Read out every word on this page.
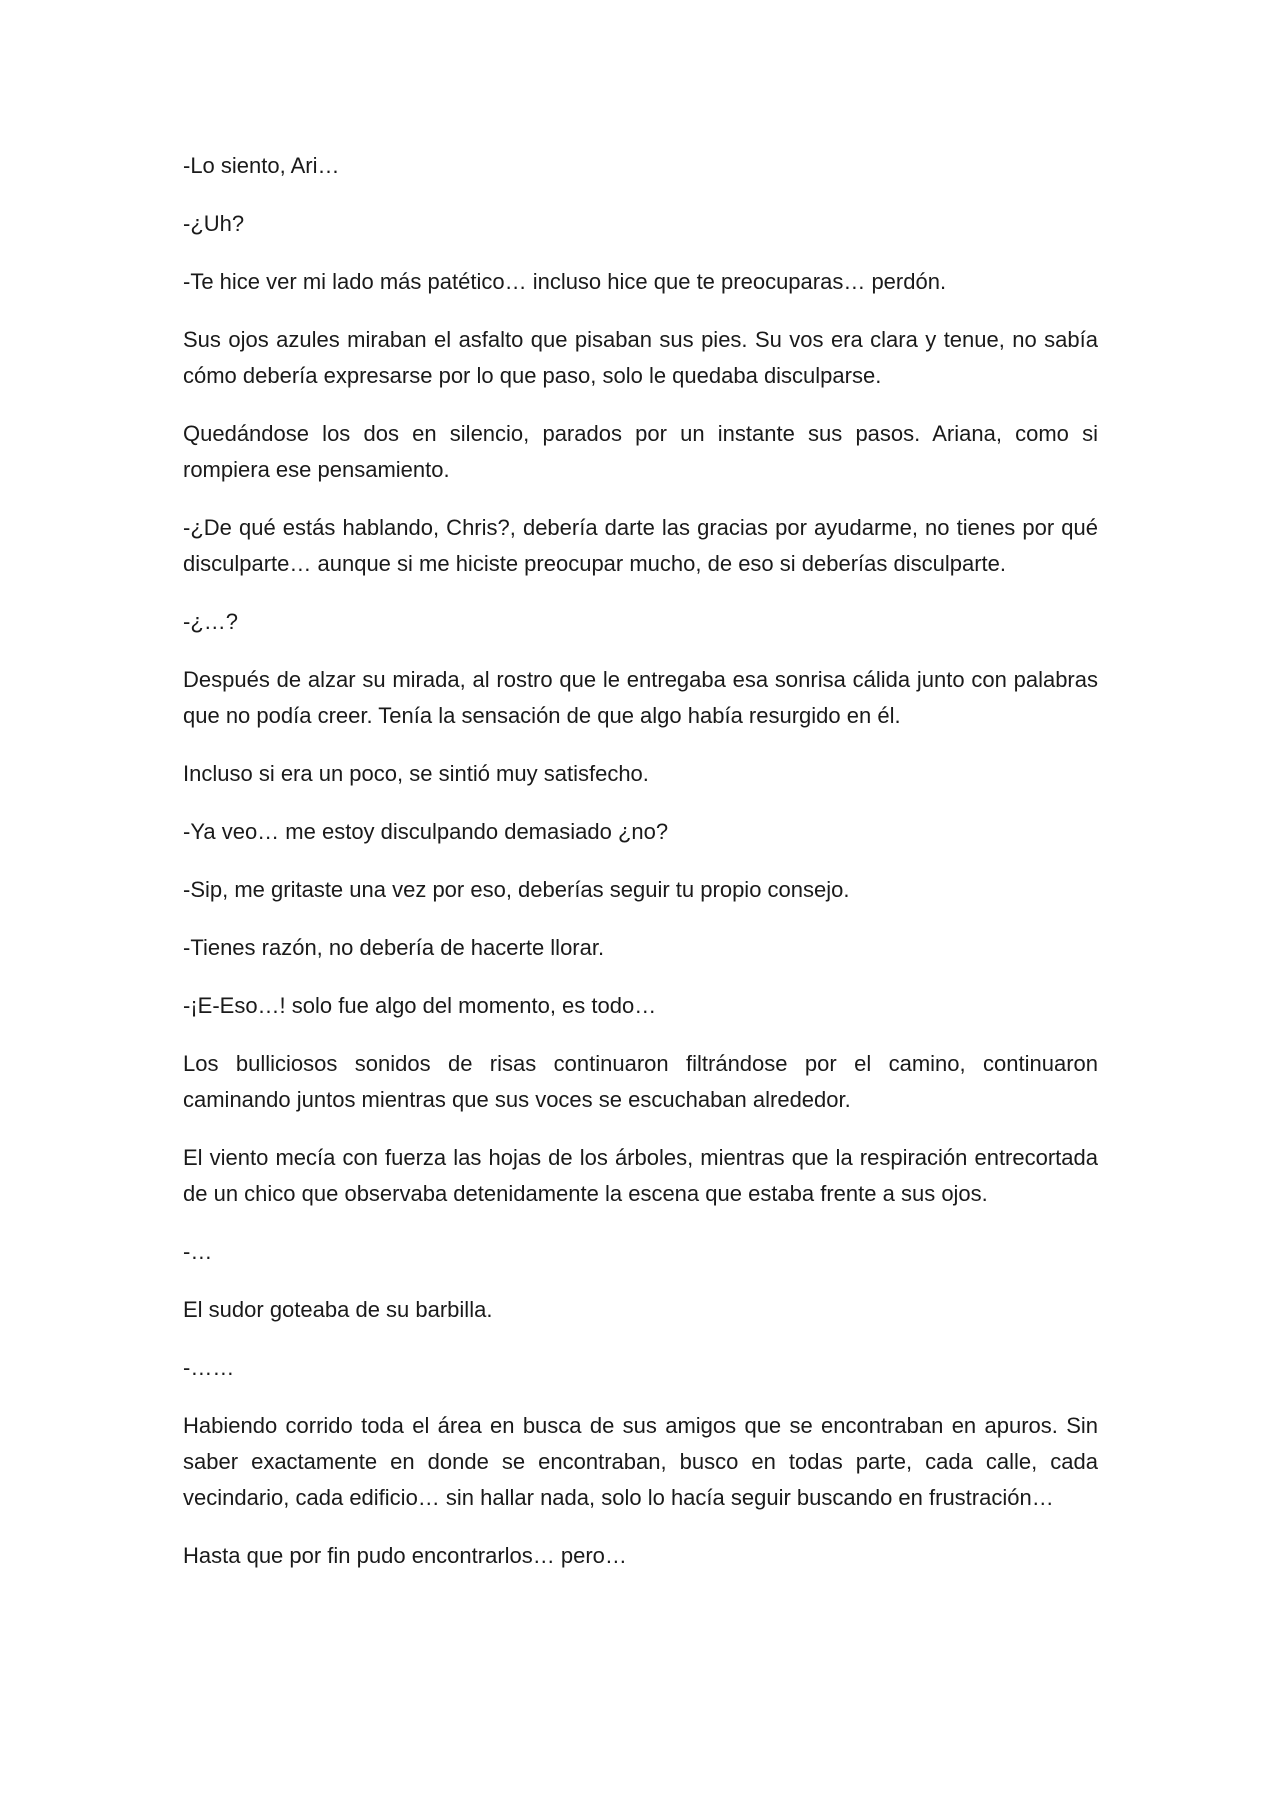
-Lo siento, Ari…

-¿Uh?

-Te hice ver mi lado más patético… incluso hice que te preocuparas… perdón.

Sus ojos azules miraban el asfalto que pisaban sus pies. Su vos era clara y tenue, no sabía cómo debería expresarse por lo que paso, solo le quedaba disculparse.

Quedándose los dos en silencio, parados por un instante sus pasos. Ariana, como si rompiera ese pensamiento.

-¿De qué estás hablando, Chris?, debería darte las gracias por ayudarme, no tienes por qué disculparte… aunque si me hiciste preocupar mucho, de eso si deberías disculparte.

-¿…?

Después de alzar su mirada, al rostro que le entregaba esa sonrisa cálida junto con palabras que no podía creer. Tenía la sensación de que algo había resurgido en él.

Incluso si era un poco, se sintió muy satisfecho.

-Ya veo… me estoy disculpando demasiado ¿no?

-Sip, me gritaste una vez por eso, deberías seguir tu propio consejo.

-Tienes razón, no debería de hacerte llorar.

-¡E-Eso…! solo fue algo del momento, es todo…

Los bulliciosos sonidos de risas continuaron filtrándose por el camino, continuaron caminando juntos mientras que sus voces se escuchaban alrededor.

El viento mecía con fuerza las hojas de los árboles, mientras que la respiración entrecortada de un chico que observaba detenidamente la escena que estaba frente a sus ojos.

-…

El sudor goteaba de su barbilla.

-……

Habiendo corrido toda el área en busca de sus amigos que se encontraban en apuros. Sin saber exactamente en donde se encontraban, busco en todas parte, cada calle, cada vecindario, cada edificio… sin hallar nada, solo lo hacía seguir buscando en frustración…

Hasta que por fin pudo encontrarlos… pero…
